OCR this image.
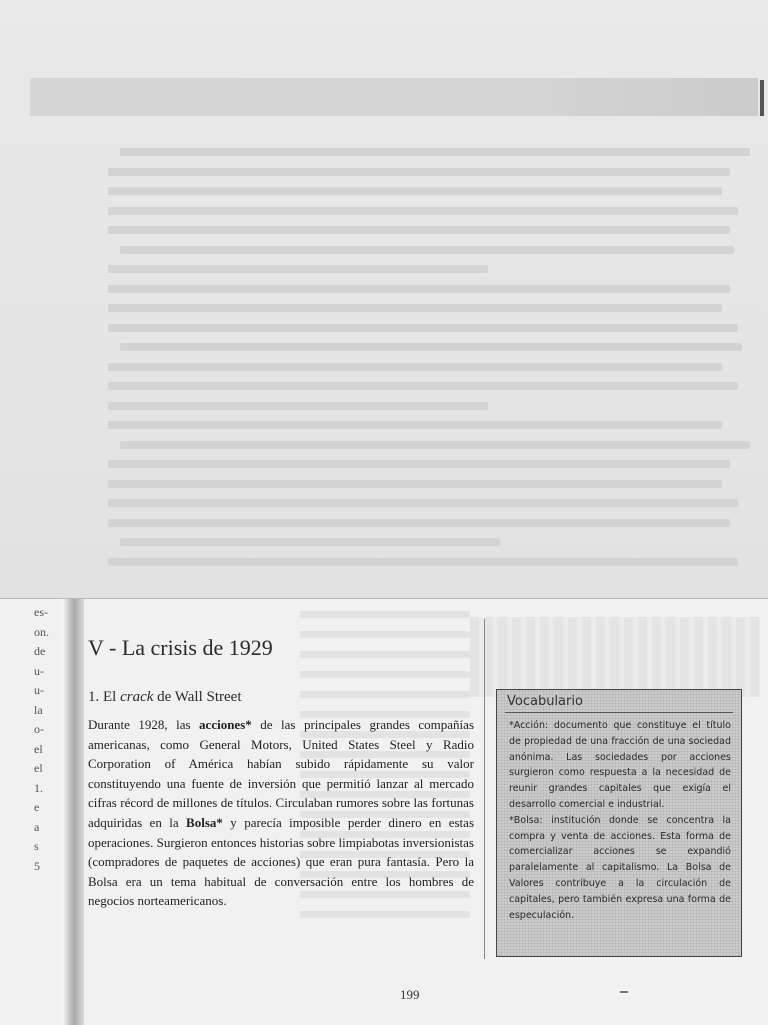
es-
on.
de
u-
u-
la
o-
el
el
1.
e
a
s
5
V - La crisis de 1929
1. El crack de Wall Street

Durante 1928, las acciones* de las principales grandes compañías americanas, como General Motors, United States Steel y Radio Corporation of América habían subido rápidamente su valor constituyendo una fuente de inversión que permitió lanzar al mercado cifras récord de millones de títulos. Circulaban rumores sobre las fortunas adquiridas en la Bolsa* y parecía imposible perder dinero en estas operaciones. Surgieron entonces historias sobre limpiabotas inversionistas (compradores de paquetes de acciones) que eran pura fantasía. Pero la Bolsa era un tema habitual de conversación entre los hombres de negocios norteamericanos.

Vocabulario

*Acción: documento que constituye el título de propiedad de una fracción de una sociedad anónima. Las sociedades por acciones surgieron como respuesta a la necesidad de reunir grandes capitales que exigía el desarrollo comercial e industrial.

*Bolsa: institución donde se concentra la compra y venta de acciones. Esta forma de comercializar acciones se expandió paralelamente al capitalismo. La Bolsa de Valores contribuye a la circulación de capitales, pero también expresa una forma de especulación.

199
